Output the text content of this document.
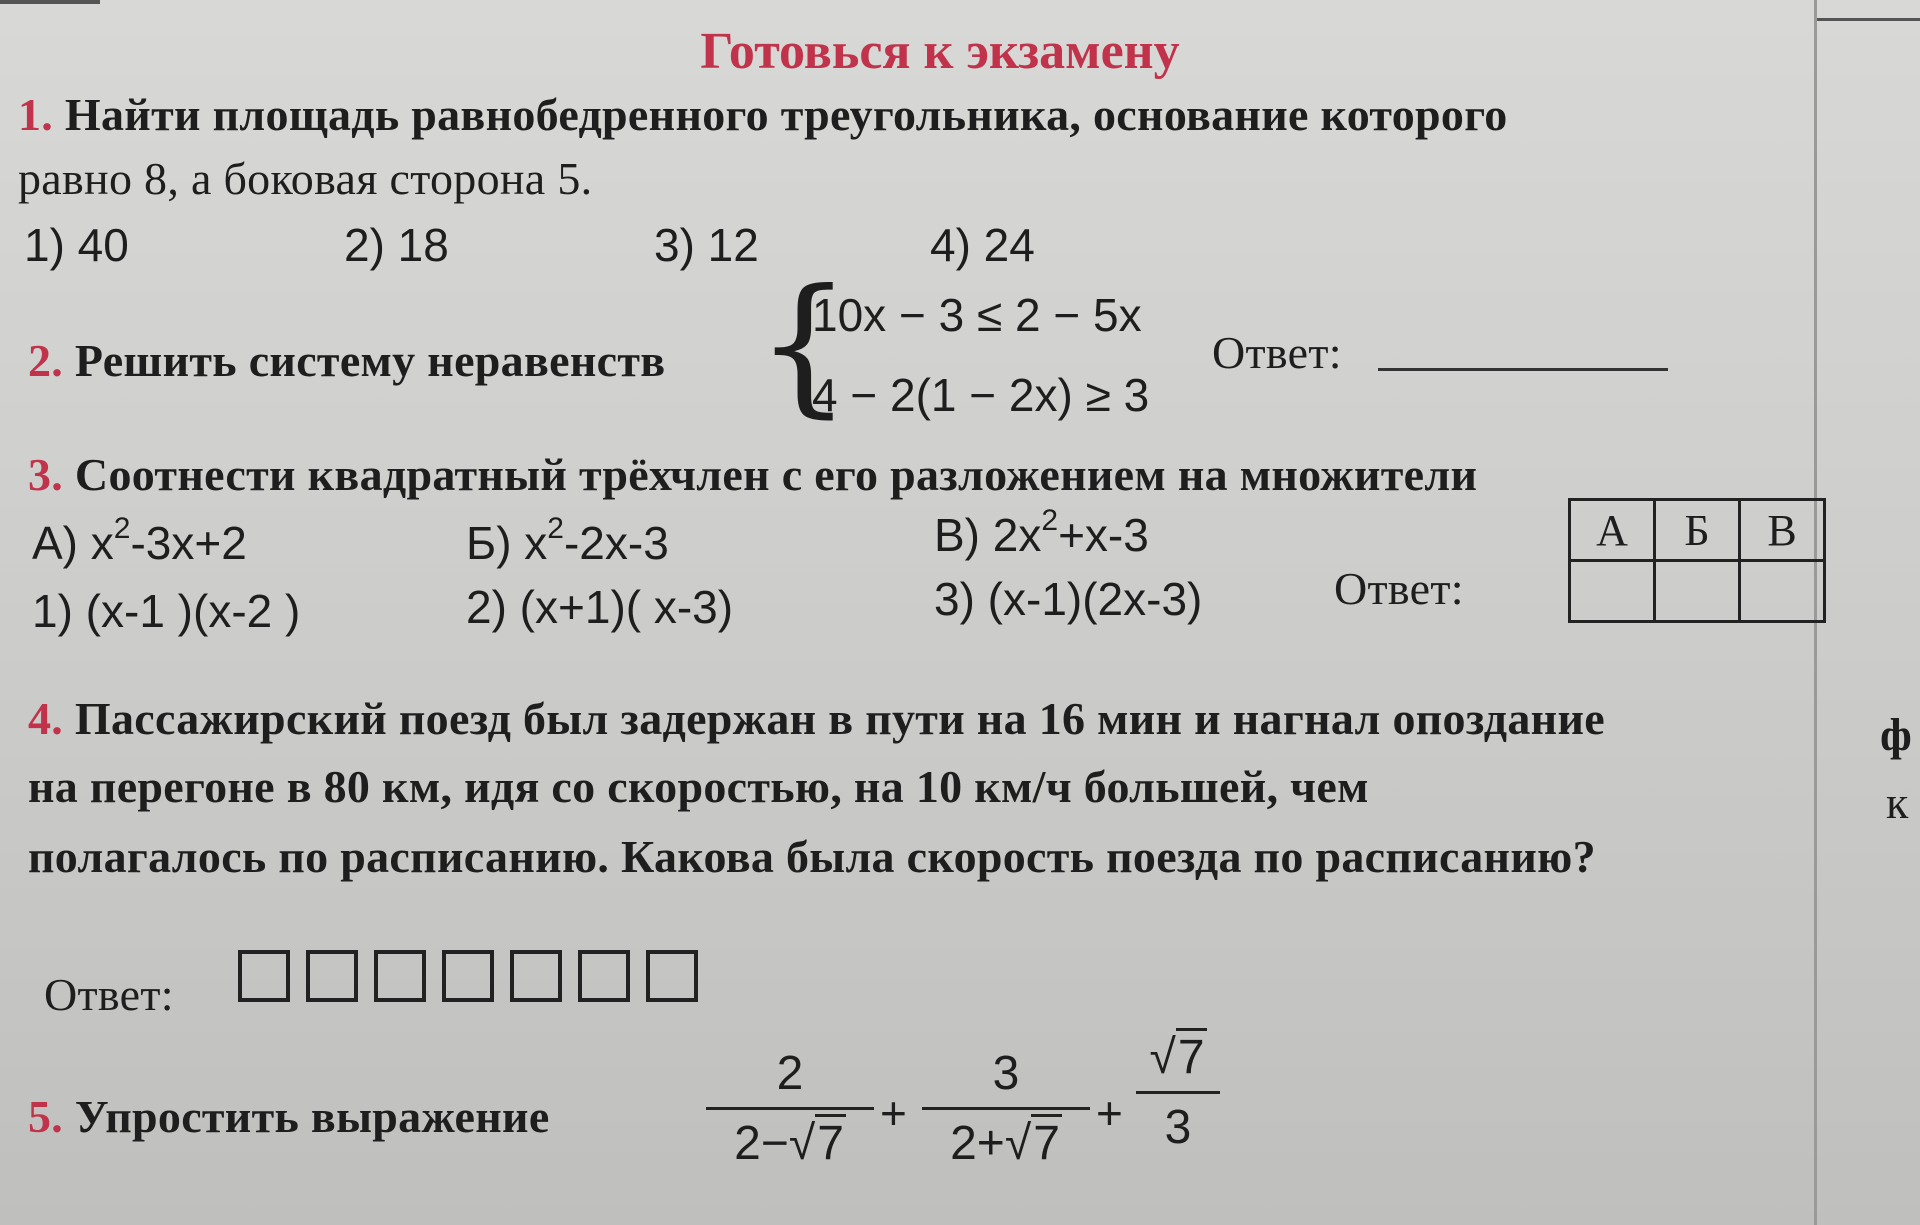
Готовься к экзамену
1. Найти площадь равнобедренного треугольника, основание которого
равно 8, а боковая сторона 5.
1) 40	2) 18	3) 12	4) 24
2. Решить систему неравенств {
10x − 3 ≤ 2 − 5x
4 − 2(1 − 2x) ≥ 3
Ответ:
3. Соотнести квадратный трёхчлен с его разложением на множители
А) $x^2-3x+2$	Б) $x^2-2x-3$	В) $2x^2+x-3$
1) (x-1 )(x-2 )	2) (x+1)( x-3)	3) (x-1)(2x-3)	Ответ:
А	Б	В

4. Пассажирский поезд был задержан в пути на 16 мин и нагнал опоздание
на перегоне в 80 км, идя со скоростью, на 10 км/ч большей, чем
полагалось по расписанию. Какова была скорость поезда по расписанию?
ф
к
Ответ:
5. Упростить выражение
2
2−√7
+
3
2+√7
+
√7
3
